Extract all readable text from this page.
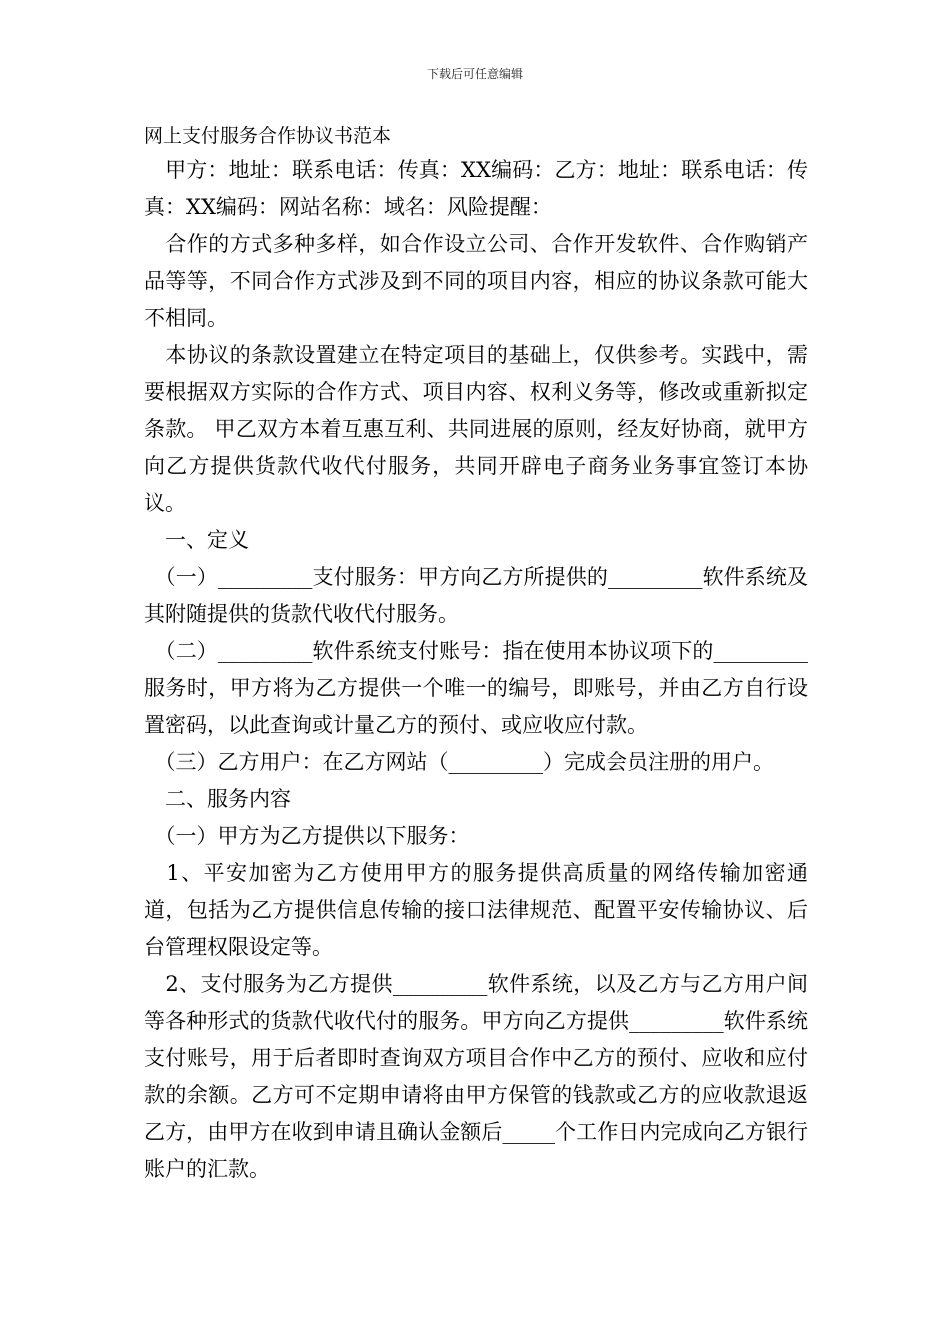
下载后可任意编辑

网上支付服务合作协议书范本

　甲方：地址：联系电话：传真：XX编码：乙方：地址：联系电话：传真：XX编码：网站名称：域名：风险提醒：

　合作的方式多种多样，如合作设立公司、合作开发软件、合作购销产品等等，不同合作方式涉及到不同的项目内容，相应的协议条款可能大不相同。

　本协议的条款设置建立在特定项目的基础上，仅供参考。实践中，需要根据双方实际的合作方式、项目内容、权利义务等，修改或重新拟定条款。 甲乙双方本着互惠互利、共同进展的原则，经友好协商，就甲方向乙方提供货款代收代付服务，共同开辟电子商务业务事宜签订本协议。

　一、定义

　（一）_________支付服务：甲方向乙方所提供的_________软件系统及其附随提供的货款代收代付服务。

　（二）_________软件系统支付账号：指在使用本协议项下的_________服务时，甲方将为乙方提供一个唯一的编号，即账号，并由乙方自行设置密码，以此查询或计量乙方的预付、或应收应付款。

　（三）乙方用户：在乙方网站（_________）完成会员注册的用户。

　二、服务内容

　（一）甲方为乙方提供以下服务：

　1、平安加密为乙方使用甲方的服务提供高质量的网络传输加密通道，包括为乙方提供信息传输的接口法律规范、配置平安传输协议、后台管理权限设定等。

　2、支付服务为乙方提供_________软件系统，以及乙方与乙方用户间等各种形式的货款代收代付的服务。甲方向乙方提供_________软件系统支付账号，用于后者即时查询双方项目合作中乙方的预付、应收和应付款的余额。乙方可不定期申请将由甲方保管的钱款或乙方的应收款退返乙方，由甲方在收到申请且确认金额后_____个工作日内完成向乙方银行账户的汇款。
